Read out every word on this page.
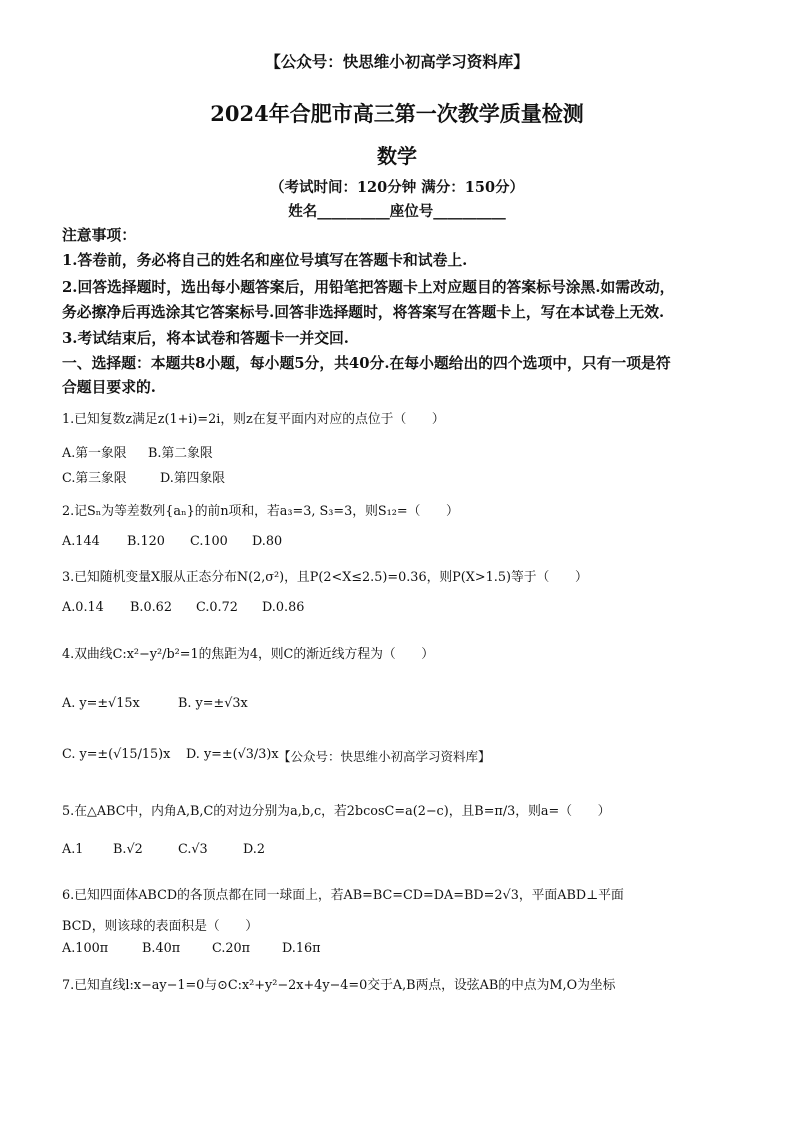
【公众号：快思维小初高学习资料库】
2024年合肥市高三第一次教学质量检测
数学
（考试时间：120分钟 满分：150分）
姓名__________座位号__________
注意事项：
1.答卷前，务必将自己的姓名和座位号填写在答题卡和试卷上.
2.回答选择题时，选出每小题答案后，用铅笔把答题卡上对应题目的答案标号涂黑.如需改动，
务必擦净后再选涂其它答案标号.回答非选择题时，将答案写在答题卡上，写在本试卷上无效.
3.考试结束后，将本试卷和答题卡一并交回.
一、选择题：本题共8小题，每小题5分，共40分.在每小题给出的四个选项中，只有一项是符
合题目要求的.
1.已知复数z满足z(1+i)=2i，则z在复平面内对应的点位于（　　）
A.第一象限 B.第二象限
C.第三象限	D.第四象限
2.记Sₙ为等差数列{aₙ}的前n项和，若a₃=3, S₃=3，则S₁₂=（　　）
A.144 B.120 C.100 D.80
3.已知随机变量X服从正态分布N(2,σ²)，且P(2<X≤2.5)=0.36，则P(X>1.5)等于（　　）
A.0.14 B.0.62 C.0.72 D.0.86
4.双曲线C:x²−y²/b²=1的焦距为4，则C的渐近线方程为（　　）
A. y=±√15x	B. y=±√3x
C. y=±(√15/15)x D. y=±(√3/3)x 【公众号：快思维小初高学习资料库】
5.在△ABC中，内角A,B,C的对边分别为a,b,c，若2bcosC=a(2−c)，且B=π/3，则a=（　　）
A.1 B.√2	C.√3	D.2
6.已知四面体ABCD的各顶点都在同一球面上，若AB=BC=CD=DA=BD=2√3，平面ABD⊥平面
BCD，则该球的表面积是（　　）
A.100π	B.40π C.20π D.16π
7.已知直线l:x−ay−1=0与⊙C:x²+y²−2x+4y−4=0交于A,B两点，设弦AB的中点为M,O为坐标
